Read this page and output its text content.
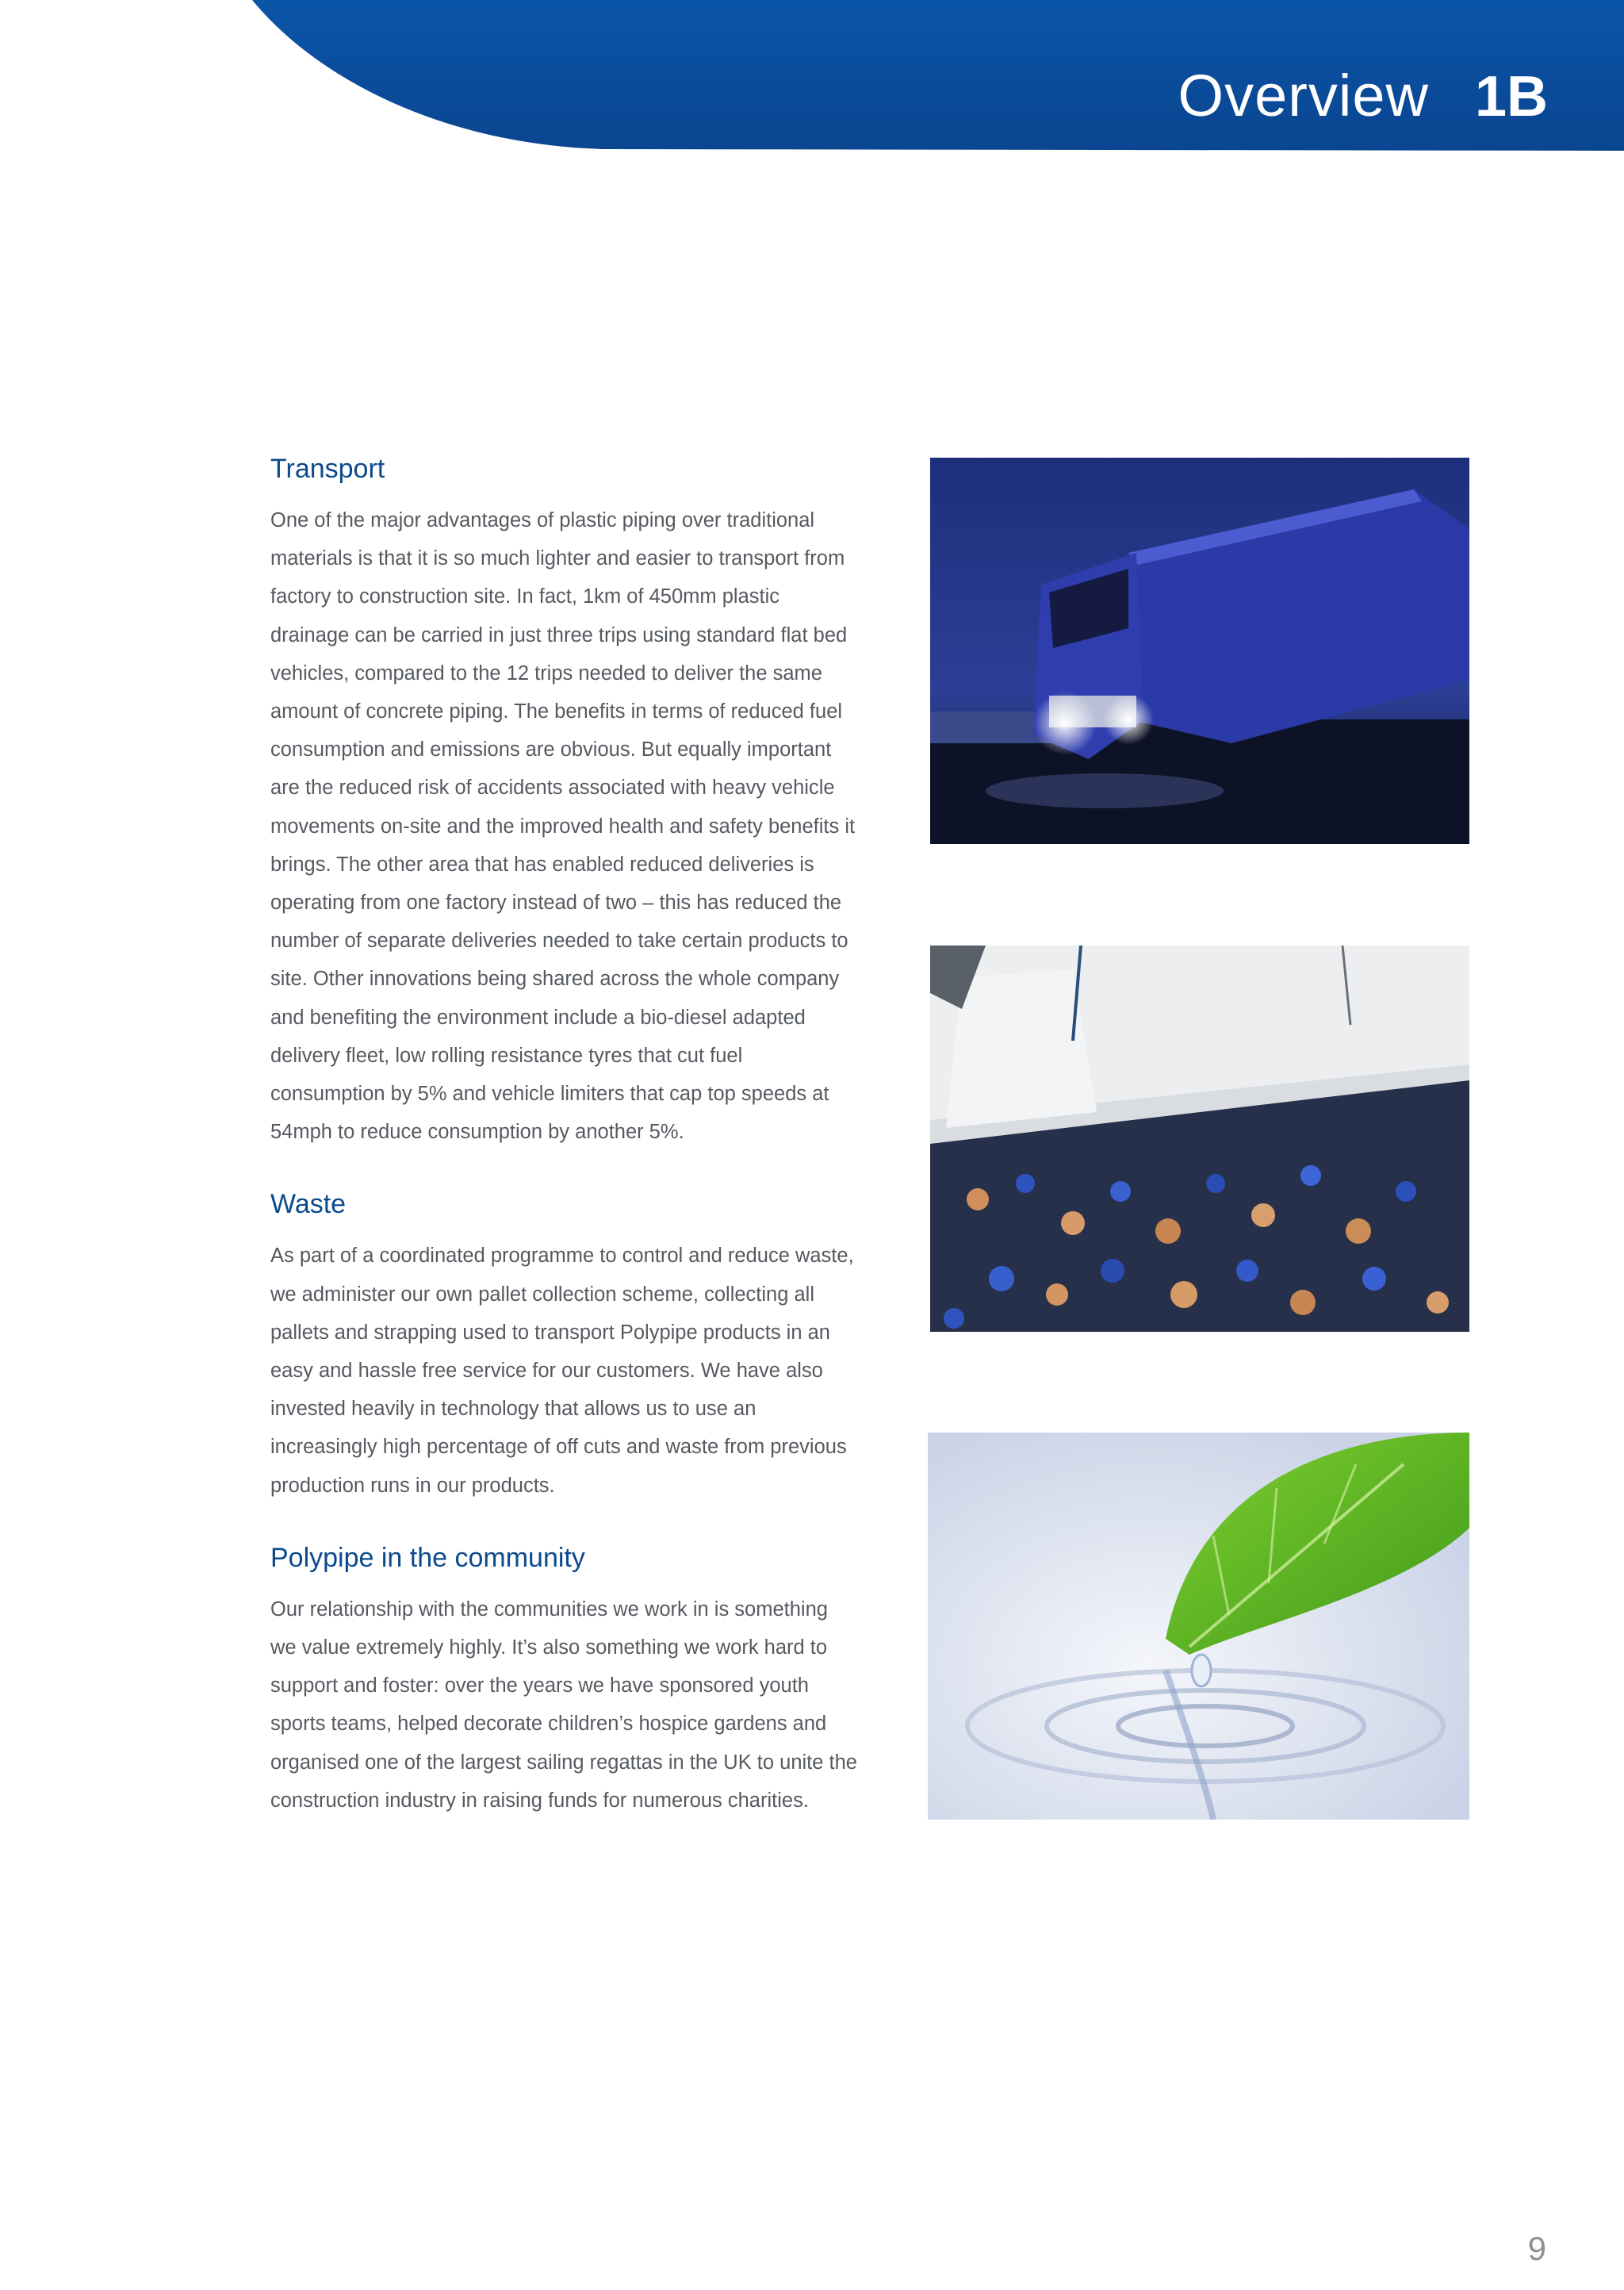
Overview 1B
Transport

One of the major advantages of plastic piping over traditional materials is that it is so much lighter and easier to transport from factory to construction site. In fact, 1km of 450mm plastic drainage can be carried in just three trips using standard flat bed vehicles, compared to the 12 trips needed to deliver the same amount of concrete piping. The benefits in terms of reduced fuel consumption and emissions are obvious. But equally important are the reduced risk of accidents associated with heavy vehicle movements on-site and the improved health and safety benefits it brings. The other area that has enabled reduced deliveries is operating from one factory instead of two – this has reduced the number of separate deliveries needed to take certain products to site. Other innovations being shared across the whole company and benefiting the environment include a bio-diesel adapted delivery fleet, low rolling resistance tyres that cut fuel consumption by 5% and vehicle limiters that cap top speeds at 54mph to reduce consumption by another 5%.

Waste

As part of a coordinated programme to control and reduce waste, we administer our own pallet collection scheme, collecting all pallets and strapping used to transport Polypipe products in an easy and hassle free service for our customers. We have also invested heavily in technology that allows us to use an increasingly high percentage of off cuts and waste from previous production runs in our products.

Polypipe in the community

Our relationship with the communities we work in is something we value extremely highly. It’s also something we work hard to support and foster: over the years we have sponsored youth sports teams, helped decorate children’s hospice gardens and organised one of the largest sailing regattas in the UK to unite the construction industry in raising funds for numerous charities.

9
